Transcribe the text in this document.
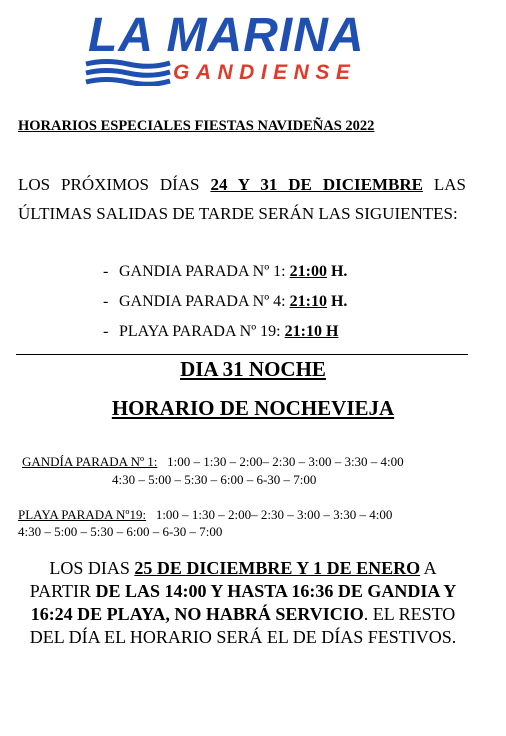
LA MARINA

GANDIENSE

HORARIOS ESPECIALES FIESTAS NAVIDEÑAS 2022

LOS PRÓXIMOS DÍAS 24 Y 31 DE DICIEMBRE LAS ÚLTIMAS SALIDAS DE TARDE SERÁN LAS SIGUIENTES:

- GANDIA PARADA Nº 1: 21:00 H.
- GANDIA PARADA Nº 4: 21:10 H.
- PLAYA PARADA Nº 19: 21:10 H

DIA 31 NOCHE

HORARIO DE NOCHEVIEJA

GANDÍA PARADA Nº 1: 1:00 – 1:30 – 2:00– 2:30 – 3:00 – 3:30 – 4:00

4:30 – 5:00 – 5:30 – 6:00 – 6-30 – 7:00

PLAYA PARADA Nº19: 1:00 – 1:30 – 2:00– 2:30 – 3:00 – 3:30 – 4:00

4:30 – 5:00 – 5:30 – 6:00 – 6-30 – 7:00

LOS DIAS 25 DE DICIEMBRE Y 1 DE ENERO A PARTIR DE LAS 14:00 Y HASTA 16:36 DE GANDIA Y 16:24 DE PLAYA, NO HABRÁ SERVICIO. EL RESTO DEL DÍA EL HORARIO SERÁ EL DE DÍAS FESTIVOS.
